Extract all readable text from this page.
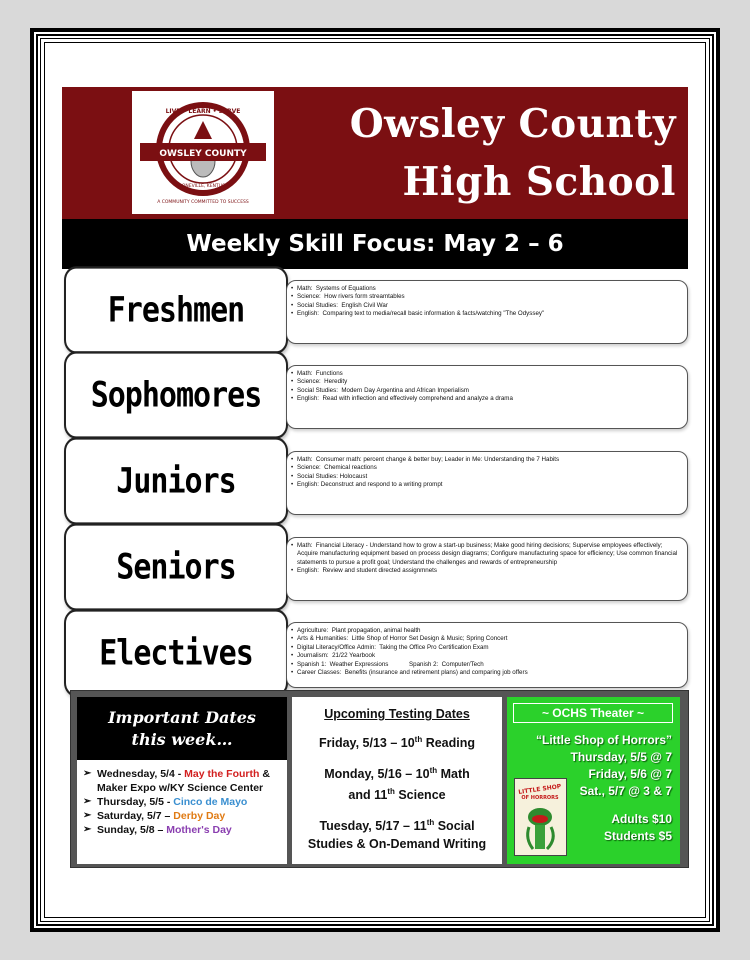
OWSLEY COUNTY
LIVE • LEARN • SERVE
BOONEVILLE, KENTUCKY
A COMMUNITY COMMITTED TO SUCCESS
Owsley County
High School
Weekly Skill Focus: May 2 – 6
Freshmen
• Math:  Systems of Equations
• Science:  How rivers form streamtables
• Social Studies:  English Civil War
• English:  Comparing text to media/recall basic information & facts/watching "The Odyssey"
Sophomores
• Math:  Functions
• Science:  Heredity
• Social Studies:  Modern Day Argentina and African Imperialism
• English:  Read with inflection and effectively comprehend and analyze a drama
Juniors
• Math:  Consumer math: percent change & better buy; Leader in Me: Understanding the 7 Habits
• Science:  Chemical reactions
• Social Studies: Holocaust
• English: Deconstruct and respond to a writing prompt
Seniors
• Math:  Financial Literacy - Understand how to grow a start-up business; Make good hiring decisions; Supervise employees effectively; Acquire manufacturing equipment based on process design diagrams; Configure manufacturing space for efficiency; Use common financial statements to pursue a profit goal; Understand the challenges and rewards of entrepreneurship
• English:  Review and student directed assignmnets
Electives
• Agriculture:  Plant propagation, animal health
• Arts & Humanities:  Little Shop of Horror Set Design & Music; Spring Concert
• Digital Literacy/Office Admin:  Taking the Office Pro Certification Exam
• Journalism:  21/22 Yearbook
• Spanish 1:  Weather Expressions            Spanish 2:  Computer/Tech
• Career Classes:  Benefits (insurance and retirement plans) and comparing job offers
Important Dates
this week…
➢ Wednesday, 5/4 - May the Fourth & Maker Expo w/KY Science Center
➢ Thursday, 5/5 - Cinco de Mayo
➢ Saturday, 5/7 – Derby Day
➢ Sunday, 5/8 – Mother's Day
Upcoming Testing Dates
Friday, 5/13 – 10th Reading
Monday, 5/16 – 10th Math
and 11th Science
Tuesday, 5/17 – 11th Social
Studies & On-Demand Writing
~ OCHS Theater ~
“Little Shop of Horrors”
Thursday, 5/5 @ 7
Friday, 5/6 @ 7
Sat., 5/7 @ 3 & 7
Adults $10
Students $5
LITTLE SHOP
OF HORRORS
